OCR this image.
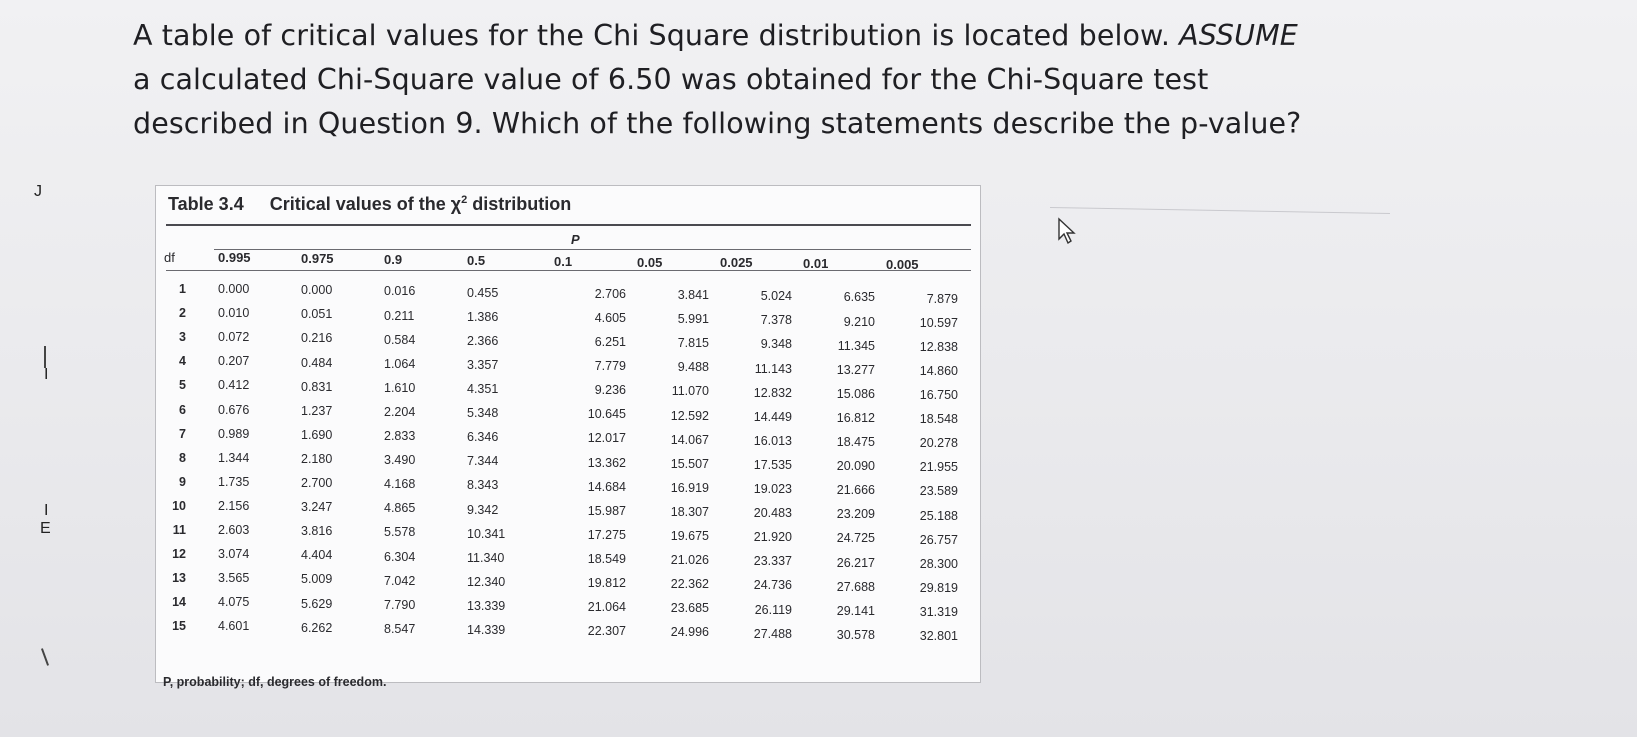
J
I
I
E
A table of critical values for the Chi Square distribution is located below. ASSUME a calculated Chi-Square value of 6.50 was obtained for the Chi-Square test described in Question 9. Which of the following statements describe the p-value?
Table 3.4 Critical values of the $\chi^2$ distribution
P
df	0.995	0.975	0.9	0.5	0.1	0.05	0.025	0.01	0.005
1	0.000	0.000	0.016	0.455	2.706	3.841	5.024	6.635	7.879
2	0.010	0.051	0.211	1.386	4.605	5.991	7.378	9.210	10.597
3	0.072	0.216	0.584	2.366	6.251	7.815	9.348	11.345	12.838
4	0.207	0.484	1.064	3.357	7.779	9.488	11.143	13.277	14.860
5	0.412	0.831	1.610	4.351	9.236	11.070	12.832	15.086	16.750
6	0.676	1.237	2.204	5.348	10.645	12.592	14.449	16.812	18.548
7	0.989	1.690	2.833	6.346	12.017	14.067	16.013	18.475	20.278
8	1.344	2.180	3.490	7.344	13.362	15.507	17.535	20.090	21.955
9	1.735	2.700	4.168	8.343	14.684	16.919	19.023	21.666	23.589
10	2.156	3.247	4.865	9.342	15.987	18.307	20.483	23.209	25.188
11	2.603	3.816	5.578	10.341	17.275	19.675	21.920	24.725	26.757
12	3.074	4.404	6.304	11.340	18.549	21.026	23.337	26.217	28.300
13	3.565	5.009	7.042	12.340	19.812	22.362	24.736	27.688	29.819
14	4.075	5.629	7.790	13.339	21.064	23.685	26.119	29.141	31.319
15	4.601	6.262	8.547	14.339	22.307	24.996	27.488	30.578	32.801
P, probability; df, degrees of freedom.
